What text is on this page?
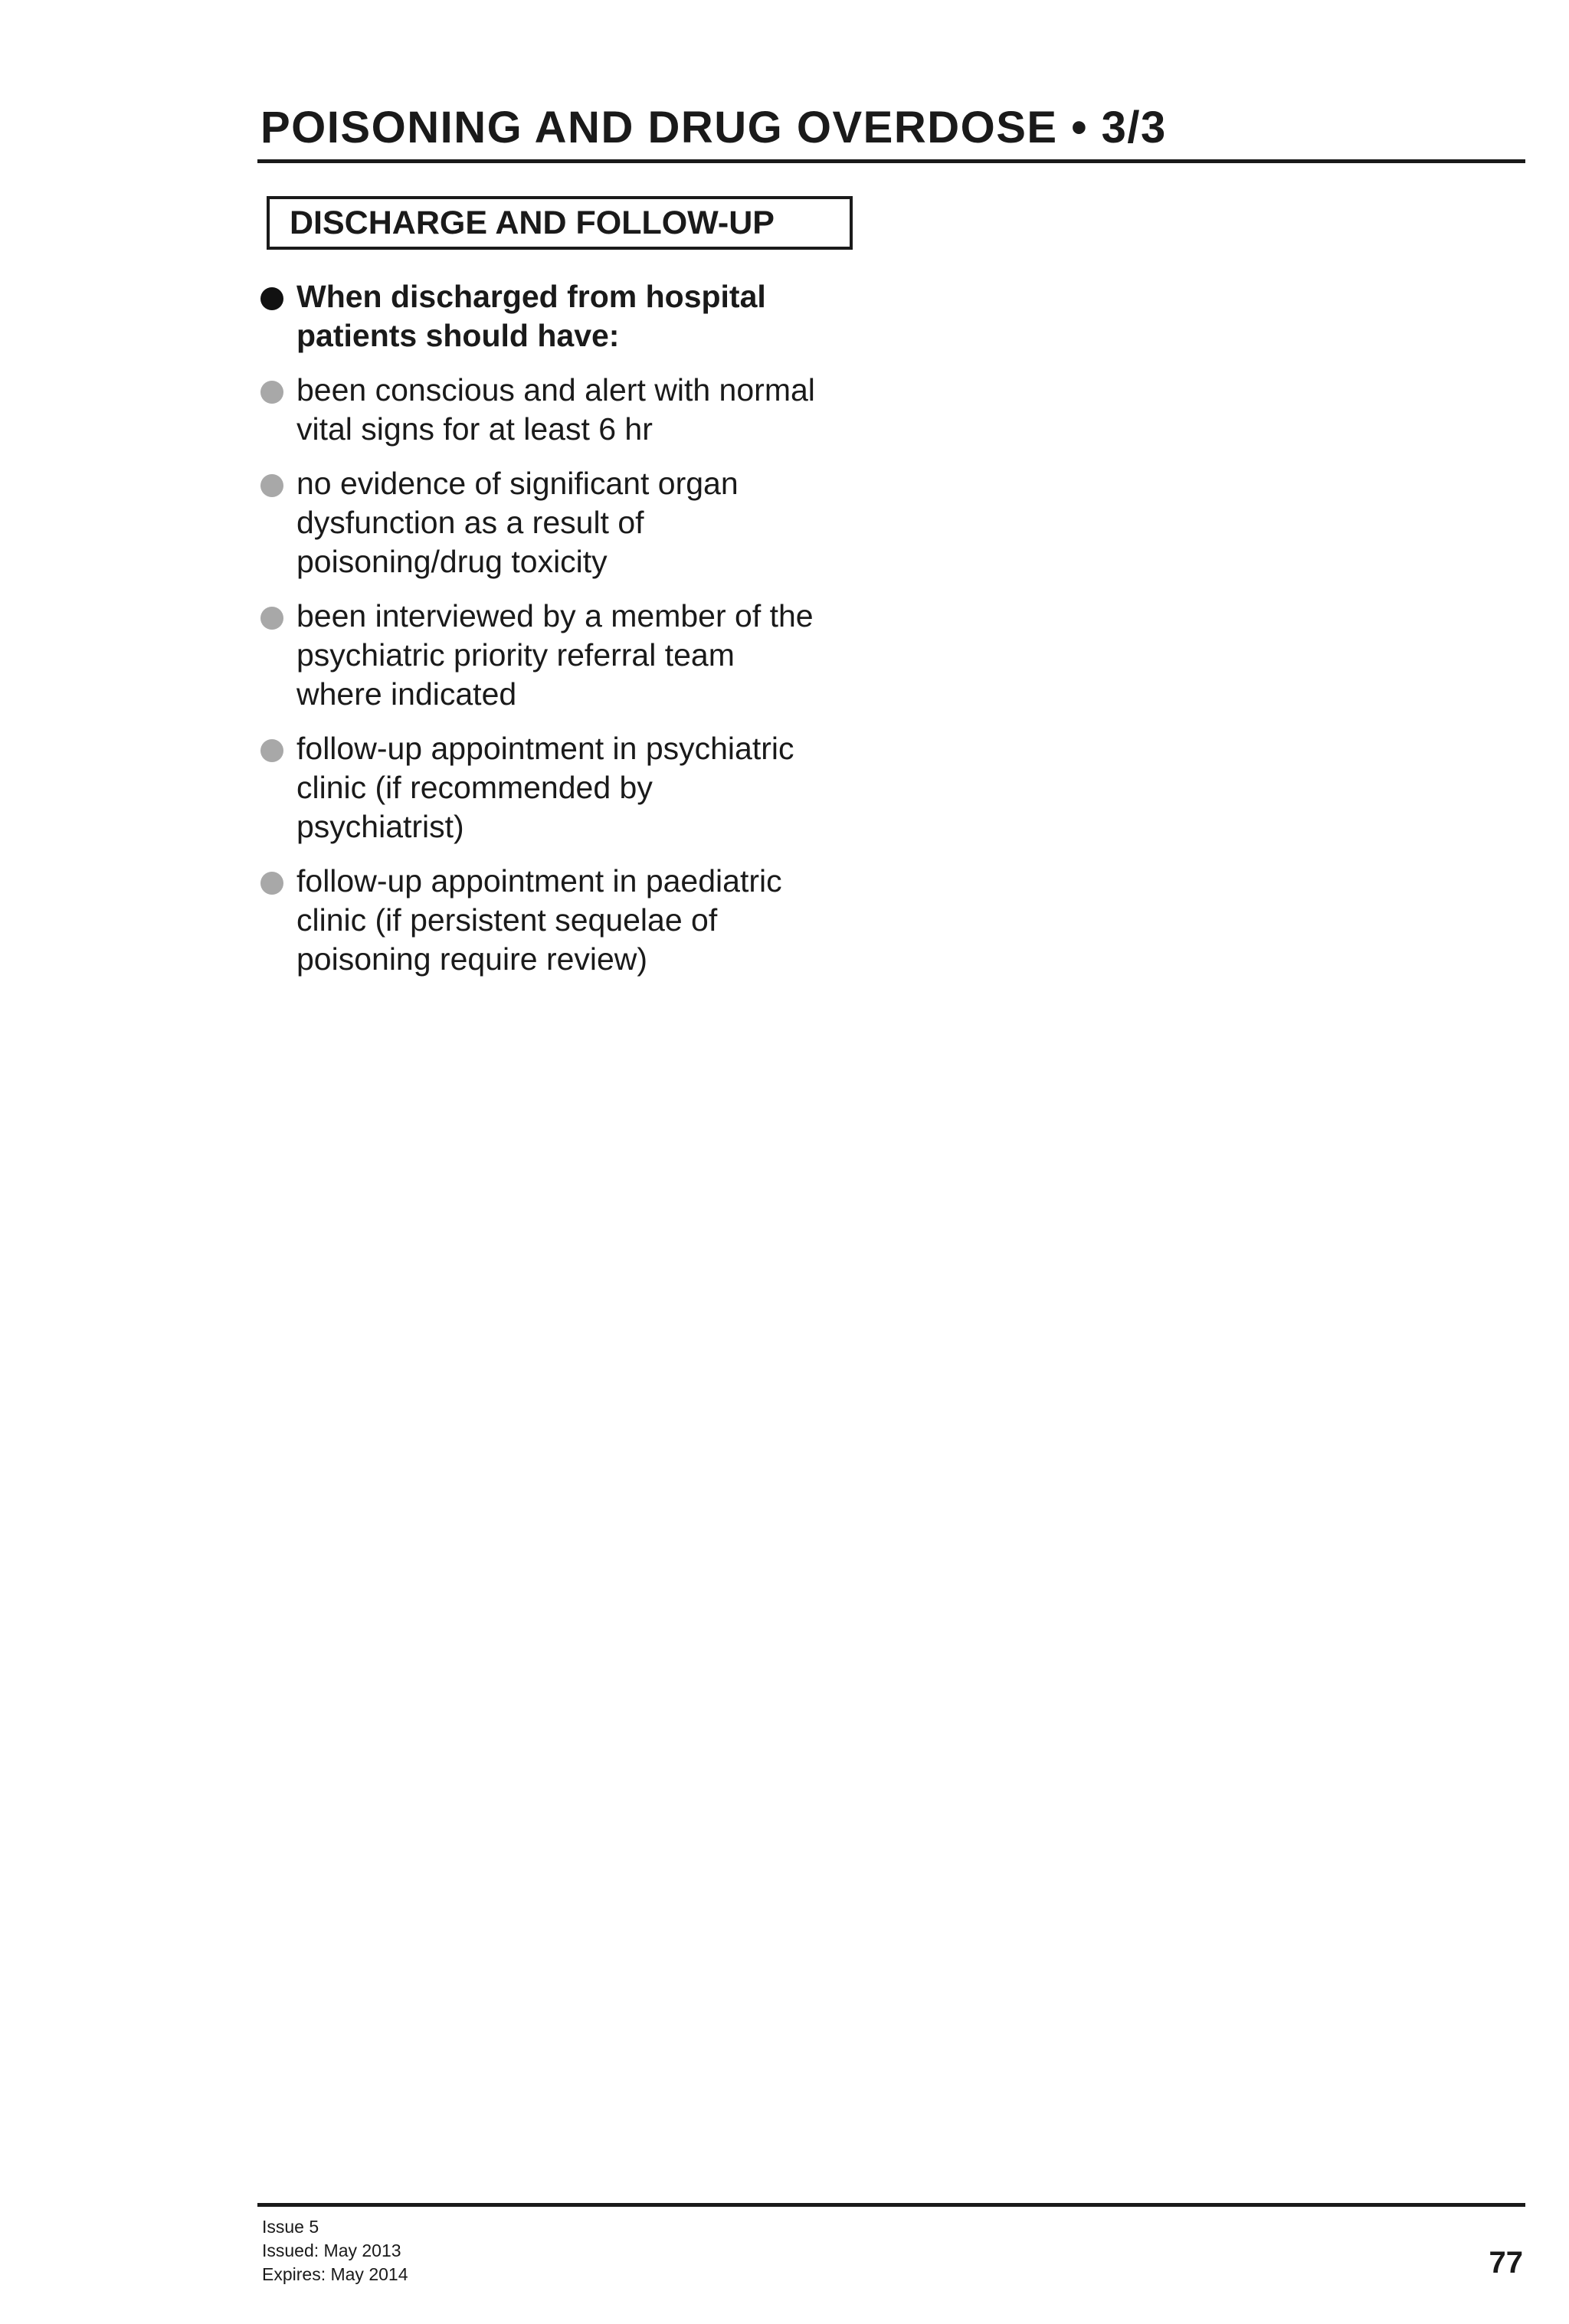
POISONING AND DRUG OVERDOSE • 3/3
DISCHARGE AND FOLLOW-UP
When discharged from hospital
patients should have:
been conscious and alert with normal
vital signs for at least 6 hr
no evidence of significant organ
dysfunction as a result of
poisoning/drug toxicity
been interviewed by a member of the
psychiatric priority referral team
where indicated
follow-up appointment in psychiatric
clinic (if recommended by
psychiatrist)
follow-up appointment in paediatric
clinic (if persistent sequelae of
poisoning require review)
Issue 5
Issued: May 2013
Expires: May 2014	77
